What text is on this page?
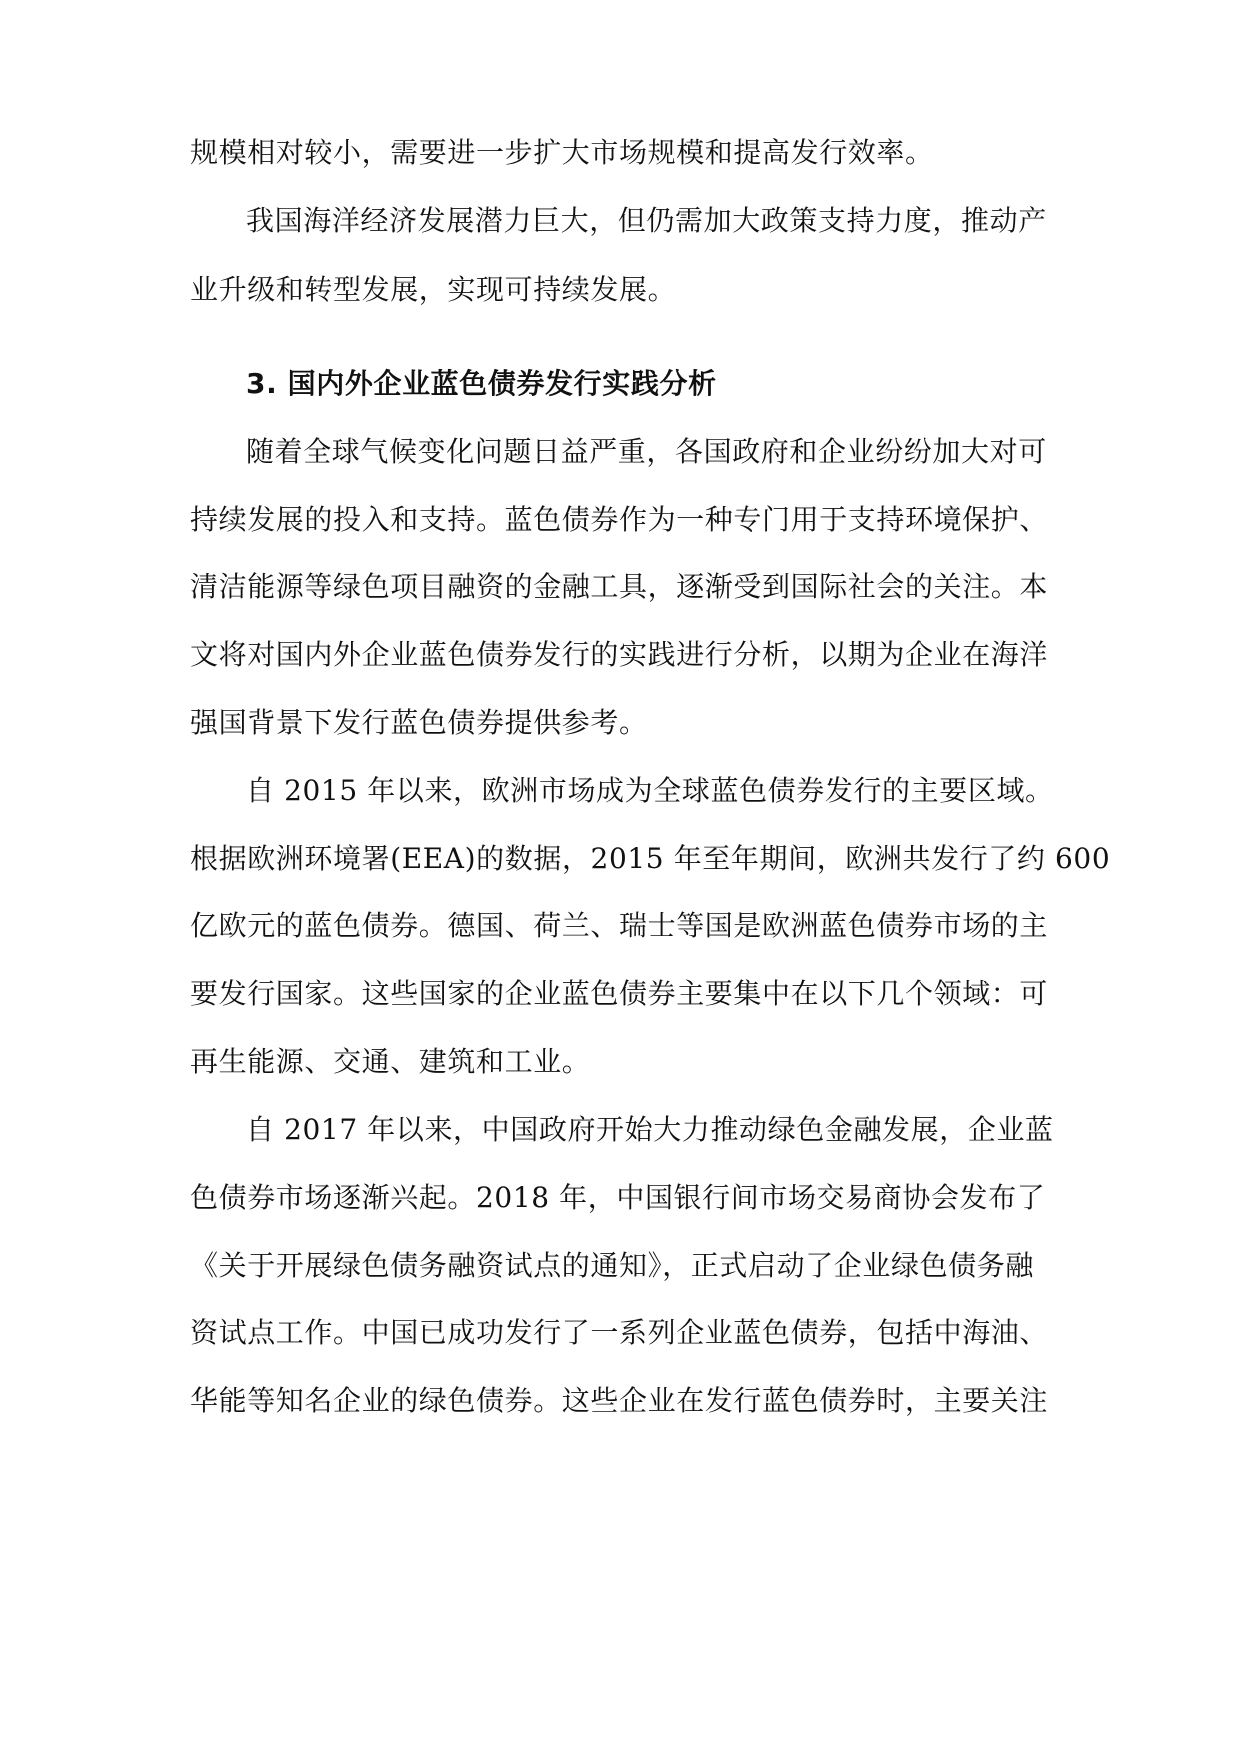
规模相对较小，需要进一步扩大市场规模和提高发行效率。
我国海洋经济发展潜力巨大，但仍需加大政策支持力度，推动产
业升级和转型发展，实现可持续发展。
3. 国内外企业蓝色债券发行实践分析
随着全球气候变化问题日益严重，各国政府和企业纷纷加大对可
持续发展的投入和支持。蓝色债券作为一种专门用于支持环境保护、
清洁能源等绿色项目融资的金融工具，逐渐受到国际社会的关注。本
文将对国内外企业蓝色债券发行的实践进行分析，以期为企业在海洋
强国背景下发行蓝色债券提供参考。
自 2015 年以来，欧洲市场成为全球蓝色债券发行的主要区域。
根据欧洲环境署(EEA)的数据，2015 年至年期间，欧洲共发行了约 600
亿欧元的蓝色债券。德国、荷兰、瑞士等国是欧洲蓝色债券市场的主
要发行国家。这些国家的企业蓝色债券主要集中在以下几个领域：可
再生能源、交通、建筑和工业。
自 2017 年以来，中国政府开始大力推动绿色金融发展，企业蓝
色债券市场逐渐兴起。2018 年，中国银行间市场交易商协会发布了
《关于开展绿色债务融资试点的通知》，正式启动了企业绿色债务融
资试点工作。中国已成功发行了一系列企业蓝色债券，包括中海油、
华能等知名企业的绿色债券。这些企业在发行蓝色债券时，主要关注
